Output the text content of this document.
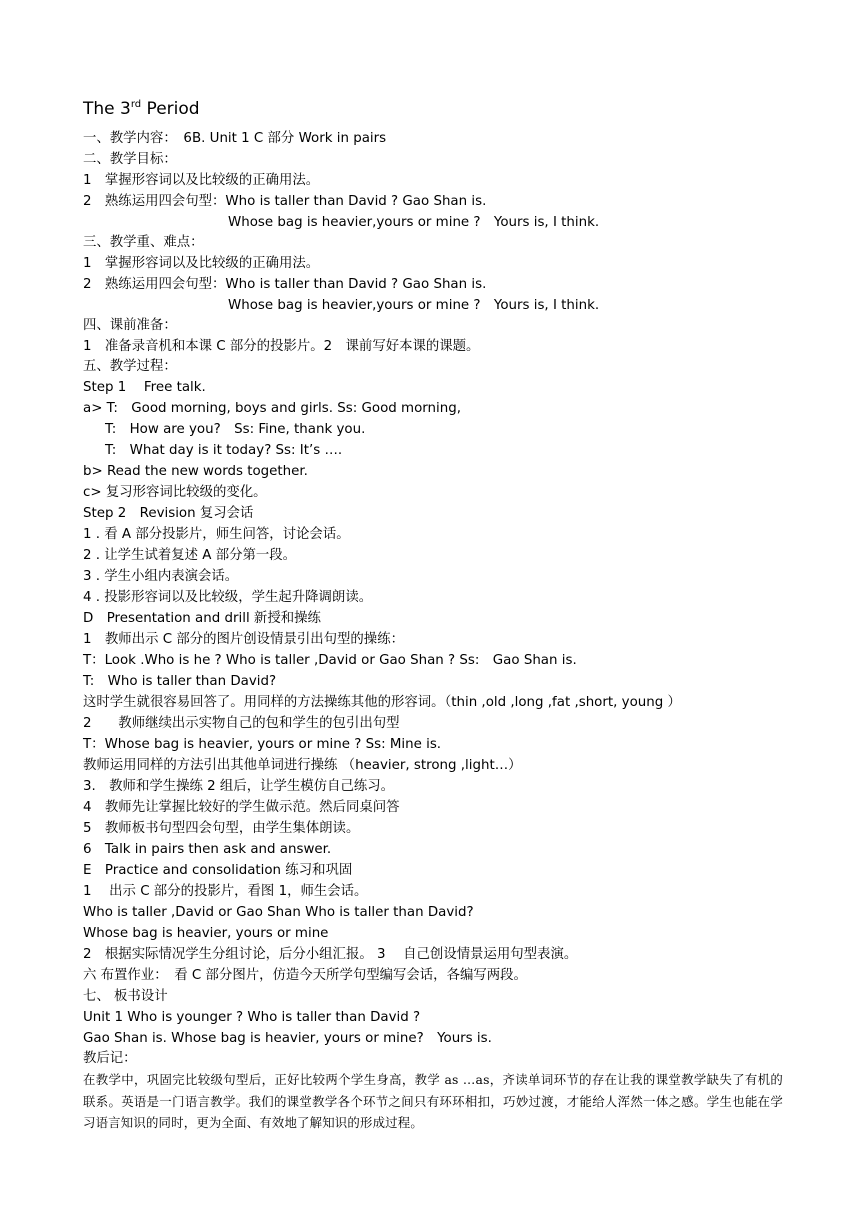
The 3rd Period
一、教学内容：　6B. Unit 1 C 部分 Work in pairs
二、教学目标：
1　掌握形容词以及比较级的正确用法。
2　熟练运用四会句型：Who is taller than David ? Gao Shan is.
Whose bag is heavier,yours or mine ?　Yours is, I think.
三、教学重、难点：
1　掌握形容词以及比较级的正确用法。
2　熟练运用四会句型：Who is taller than David ? Gao Shan is.
Whose bag is heavier,yours or mine ?　Yours is, I think.
四、课前准备：
1　准备录音机和本课 C 部分的投影片。2　课前写好本课的课题。
五、教学过程：
Step 1　 Free talk.
a> T:　Good morning, boys and girls. Ss: Good morning,
T:　How are you?　Ss: Fine, thank you.
T:　What day is it today? Ss: It’s ….
b> Read the new words together.
c> 复习形容词比较级的变化。
Step 2　Revision 复习会话
1 . 看 A 部分投影片，师生问答，讨论会话。
2 . 让学生试着复述 A 部分第一段。
3 . 学生小组内表演会话。
4 . 投影形容词以及比较级，学生起升降调朗读。
D　Presentation and drill 新授和操练
1　教师出示 C 部分的图片创设情景引出句型的操练：
T：Look .Who is he ? Who is taller ,David or Gao Shan ? Ss:　Gao Shan is.
T:　Who is taller than David?
这时学生就很容易回答了。用同样的方法操练其他的形容词。（thin ,old ,long ,fat ,short, young ）
2　　教师继续出示实物自己的包和学生的包引出句型
T：Whose bag is heavier, yours or mine ? Ss: Mine is.
教师运用同样的方法引出其他单词进行操练 （heavier, strong ,light…）
3.　教师和学生操练 2 组后，让学生模仿自己练习。
4　教师先让掌握比较好的学生做示范。然后同桌问答
5　教师板书句型四会句型，由学生集体朗读。
6　Talk in pairs then ask and answer.
E　Practice and consolidation 练习和巩固
1　 出示 C 部分的投影片，看图 1，师生会话。
Who is taller ,David or Gao Shan Who is taller than David?
Whose bag is heavier, yours or mine
2　根据实际情况学生分组讨论，后分小组汇报。 3　 自己创设情景运用句型表演。
六 布置作业：　看 C 部分图片，仿造今天所学句型编写会话，各编写两段。
七、 板书设计
Unit 1 Who is younger ? Who is taller than David ?
Gao Shan is. Whose bag is heavier, yours or mine?　Yours is.
教后记：
在教学中，巩固完比较级句型后，正好比较两个学生身高，教学 as …as，齐读单词环节的存在让我的课堂教学缺失了有机的联系。英语是一门语言教学。我们的课堂教学各个环节之间只有环环相扣，巧妙过渡，才能给人浑然一体之感。学生也能在学习语言知识的同时，更为全面、有效地了解知识的形成过程。
